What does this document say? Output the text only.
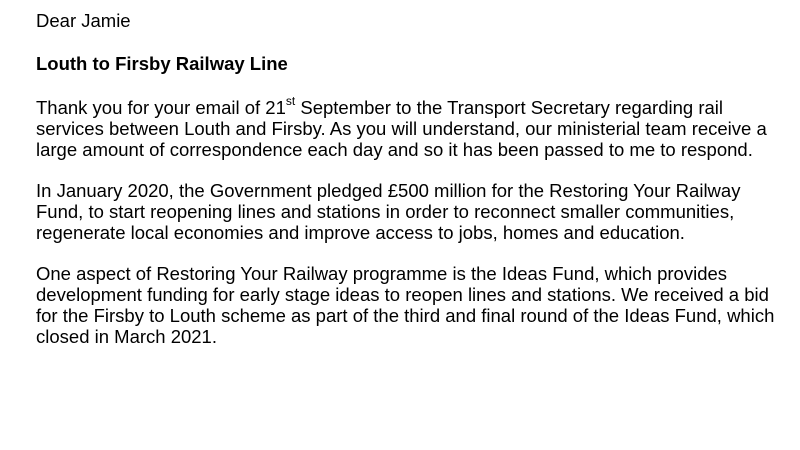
Dear Jamie

Louth to Firsby Railway Line

Thank you for your email of 21st September to the Transport Secretary regarding rail services between Louth and Firsby. As you will understand, our ministerial team receive a large amount of correspondence each day and so it has been passed to me to respond.

In January 2020, the Government pledged £500 million for the Restoring Your Railway Fund, to start reopening lines and stations in order to reconnect smaller communities, regenerate local economies and improve access to jobs, homes and education.

One aspect of Restoring Your Railway programme is the Ideas Fund, which provides development funding for early stage ideas to reopen lines and stations. We received a bid for the Firsby to Louth scheme as part of the third and final round of the Ideas Fund, which closed in March 2021.
